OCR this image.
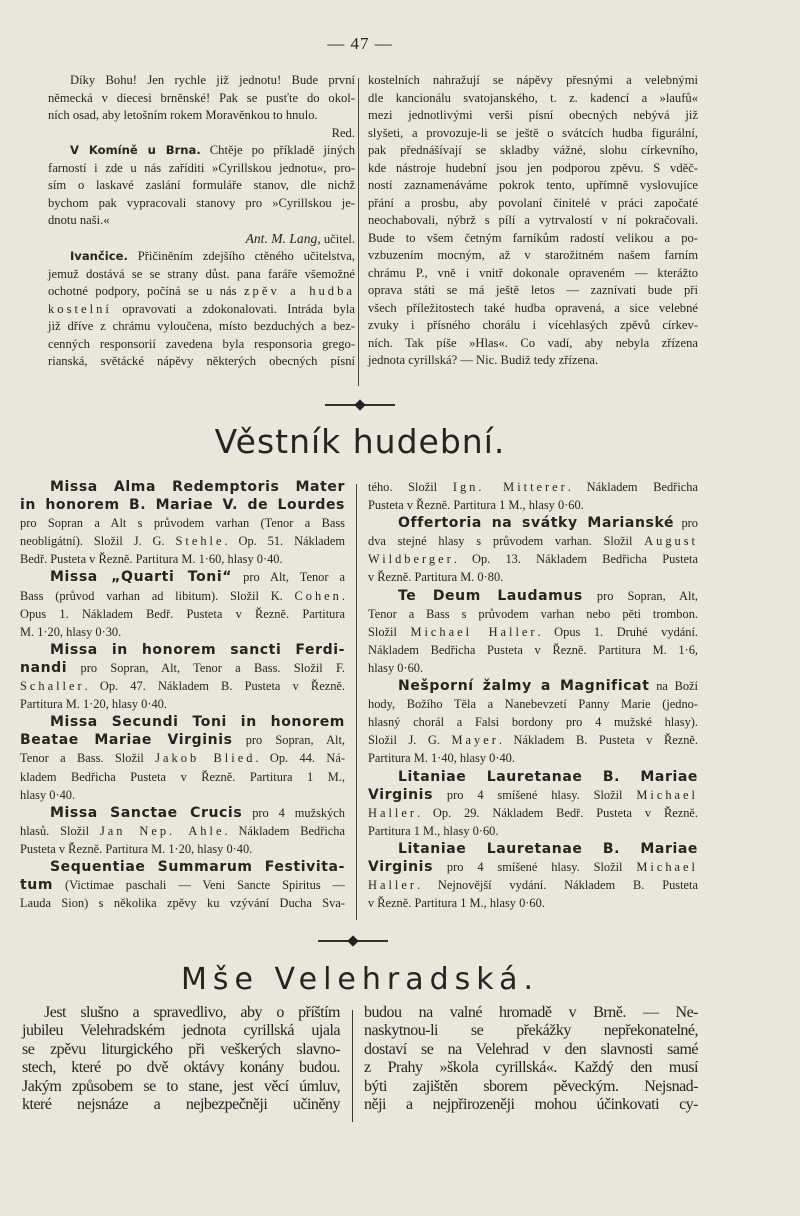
— 47 —
Díky Bohu! Jen rychle již jednotu! Bude první
německá v diecesi brněnské! Pak se pusťte do okol-
ních osad, aby letošním rokem Moravěnkou to hnulo.
Red.
V Komíně u Brna. Chtěje po příkladě jiných
farností i zde u nás zaříditi »Cyrillskou jednotu«, pro-
sím o laskavé zaslání formuláře stanov, dle nichž
bychom pak vypracovali stanovy pro »Cyrillskou je-
dnotu naši.«
Ant. M. Lang, učitel.
Ivančice. Přičiněním zdejšího ctěného učitelstva,
jemuž dostává se se strany důst. pana faráře všemožné
ochotné podpory, počíná se u nás zpěv a hudba
kostelní opravovati a zdokonalovati. Intráda byla
již dříve z chrámu vyloučena, místo bezduchých a bez-
cenných responsorií zavedena byla responsoria grego-
rianská, světácké nápěvy některých obecných písní
kostelních nahražují se nápěvy přesnými a velebnými
dle kancionálu svatojanského, t. z. kadencí a »laufů«
mezi jednotlivými verši písní obecných nebývá již
slyšeti, a provozuje-li se ještě o svátcích hudba figurální,
pak přednášívají se skladby vážné, slohu církevního,
kde nástroje hudební jsou jen podporou zpěvu. S vděč-
ností zaznamenáváme pokrok tento, upřímně vyslovujíce
přání a prosbu, aby povolaní činitelé v práci započaté
neochabovali, nýbrž s pílí a vytrvalostí v ní pokračovali.
Bude to všem četným farníkům radostí velikou a po-
vzbuzením mocným, až v starožitném našem farním
chrámu P., vně i vnitř dokonale opraveném — kterážto
oprava státi se má ještě letos — zaznívati bude při
všech příležitostech také hudba opravená, a sice velebné
zvuky i přísného chorálu i vícehlasých zpěvů církev-
ních. Tak píše »Hlas«. Co vadí, aby nebyla zřízena
jednota cyrillská? — Nic. Budiž tedy zřízena.
Věstník hudební.
Missa Alma Redemptoris Mater
in honorem B. Mariae V. de Lourdes
pro Sopran a Alt s průvodem varhan (Tenor a Bass
neobligátní). Složil J. G. Stehle. Op. 51. Nákladem
Bedř. Pusteta v Řezně. Partitura M. 1·60, hlasy 0·40.
Missa „Quarti Toni“ pro Alt, Tenor a
Bass (průvod varhan ad libitum). Složil K. Cohen.
Opus 1. Nákladem Bedř. Pusteta v Řezně. Partitura
M. 1·20, hlasy 0·30.
Missa in honorem sancti Ferdi-
nandi pro Sopran, Alt, Tenor a Bass. Složil F.
Schaller. Op. 47. Nákladem B. Pusteta v Řezně.
Partitura M. 1·20, hlasy 0·40.
Missa Secundi Toni in honorem
Beatae Mariae Virginis pro Sopran, Alt,
Tenor a Bass. Složil Jakob Blied. Op. 44. Ná-
kladem Bedřicha Pusteta v Řezně. Partitura 1 M.,
hlasy 0·40.
Missa Sanctae Crucis pro 4 mužských
hlasů. Složil Jan Nep. Ahle. Nákladem Bedřicha
Pusteta v Řezně. Partitura M. 1·20, hlasy 0·40.
Sequentiae Summarum Festivita-
tum (Victimae paschali — Veni Sancte Spiritus —
Lauda Sion) s několika zpěvy ku vzývání Ducha Sva-
tého. Složil Ign. Mitterer. Nákladem Bedřicha
Pusteta v Řezně. Partitura 1 M., hlasy 0·60.
Offertoria na svátky Marianské pro
dva stejné hlasy s průvodem varhan. Složil August
Wildberger. Op. 13. Nákladem Bedřicha Pusteta
v Řezně. Partitura M. 0·80.
Te Deum Laudamus pro Sopran, Alt,
Tenor a Bass s průvodem varhan nebo pěti trombon.
Složil Michael Haller. Opus 1. Druhé vydání.
Nákladem Bedřicha Pusteta v Řezně. Partitura M. 1·6,
hlasy 0·60.
Nešporní žalmy a Magnificat na Boží
hody, Božího Těla a Nanebevzetí Panny Marie (jedno-
hlasný chorál a Falsi bordony pro 4 mužské hlasy).
Složil J. G. Mayer. Nákladem B. Pusteta v Řezně.
Partitura M. 1·40, hlasy 0·40.
Litaniae Lauretanae B. Mariae
Virginis pro 4 smíšené hlasy. Složil Michael
Haller. Op. 29. Nákladem Bedř. Pusteta v Řezně.
Partitura 1 M., hlasy 0·60.
Litaniae Lauretanae B. Mariae
Virginis pro 4 smíšené hlasy. Složil Michael
Haller. Nejnovější vydání. Nákladem B. Pusteta
v Řezně. Partitura 1 M., hlasy 0·60.
Mše Velehradská.
Jest slušno a spravedlivo, aby o příštím
jubileu Velehradském jednota cyrillská ujala
se zpěvu liturgického při veškerých slavno-
stech, které po dvě oktávy konány budou.
Jakým způsobem se to stane, jest věcí úmluv,
které nejsnáze a nejbezpečněji učiněny
budou na valné hromadě v Brně. — Ne-
naskytnou-li se překážky nepřekonatelné,
dostaví se na Velehrad v den slavnosti samé
z Prahy »škola cyrillská«. Každý den musí
býti zajištěn sborem pěveckým. Nejsnad-
něji a nejpřirozeněji mohou účinkovati cy-
